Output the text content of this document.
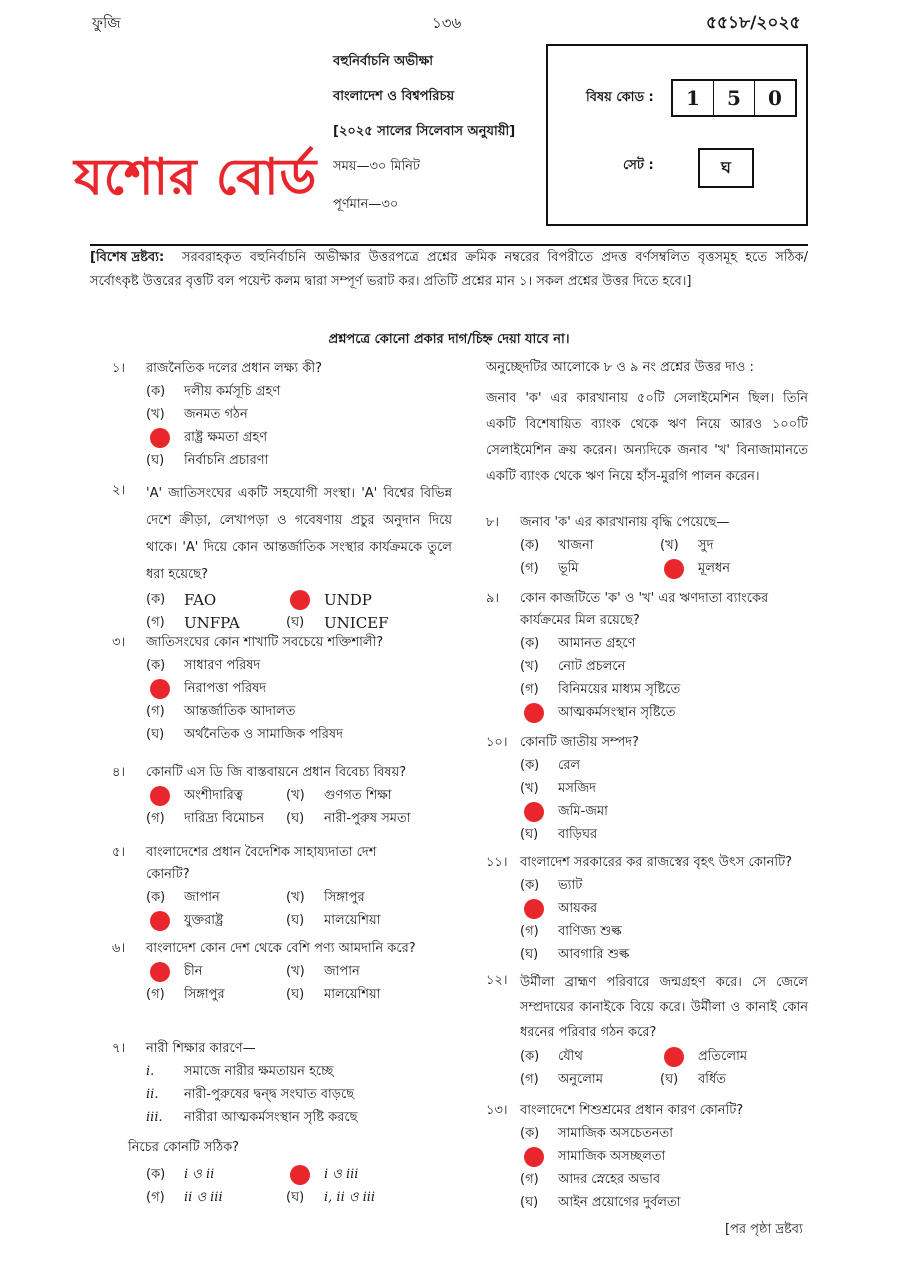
ফুজি	১৩৬	৫৫১৮/২০২৫
বহুনির্বাচনি অভীক্ষা
বাংলাদেশ ও বিশ্বপরিচয়
[২০২৫ সালের সিলেবাস অনুযায়ী]
সময়—৩০ মিনিট
পূর্ণমান—৩০
যশোর বোর্ড
বিষয় কোড :	1	5	0
সেট :	ঘ
[বিশেষ দ্রষ্টব্য:	সরবরাহকৃত বহুনির্বাচনি অভীক্ষার উত্তরপত্রে প্রশ্নের ক্রমিক নম্বরের বিপরীতে প্রদত্ত বর্ণসম্বলিত বৃত্তসমূহ হতে সঠিক/সর্বোৎকৃষ্ট উত্তরের বৃত্তটি বল পয়েন্ট কলম দ্বারা সম্পূর্ণ ভরাট কর। প্রতিটি প্রশ্নের মান ১। সকল প্রশ্নের উত্তর দিতে হবে।]
প্রশ্নপত্রে কোনো প্রকার দাগ/চিহ্ন দেয়া যাবে না।
১।	রাজনৈতিক দলের প্রধান লক্ষ্য কী?
(ক)	দলীয় কর্মসূচি গ্রহণ
(খ)	জনমত গঠন
রাষ্ট্র ক্ষমতা গ্রহণ
(ঘ)	নির্বাচনি প্রচারণা
২।	'A' জাতিসংঘের একটি সহযোগী সংস্থা। 'A' বিশ্বের বিভিন্ন দেশে ক্রীড়া, লেখাপড়া ও গবেষণায় প্রচুর অনুদান দিয়ে থাকে। 'A' দিয়ে কোন আন্তর্জাতিক সংস্থার কার্যক্রমকে তুলে ধরা হয়েছে?
(ক)	FAO	UNDP
(গ)	UNFPA	(ঘ)	UNICEF
৩।	জাতিসংঘের কোন শাখাটি সবচেয়ে শক্তিশালী?
(ক)	সাধারণ পরিষদ
নিরাপত্তা পরিষদ
(গ)	আন্তর্জাতিক আদালত
(ঘ)	অর্থনৈতিক ও সামাজিক পরিষদ
৪।	কোনটি এস ডি জি বাস্তবায়নে প্রধান বিবেচ্য বিষয়?
অংশীদারিত্ব	(খ)	গুণগত শিক্ষা
(গ)	দারিদ্র্য বিমোচন (ঘ)	নারী-পুরুষ সমতা
৫।	বাংলাদেশের প্রধান বৈদেশিক সাহায্যদাতা দেশ কোনটি?
(ক)	জাপান	(খ)	সিঙ্গাপুর
যুক্তরাষ্ট্র	(ঘ)	মালয়েশিয়া
৬।	বাংলাদেশ কোন দেশ থেকে বেশি পণ্য আমদানি করে?
চীন	(খ)	জাপান
(গ)	সিঙ্গাপুর	(ঘ)	মালয়েশিয়া
৭।	নারী শিক্ষার কারণে—
i.	সমাজে নারীর ক্ষমতায়ন হচ্ছে
ii.	নারী-পুরুষের দ্বন্দ্ব সংঘাত বাড়ছে
iii.	নারীরা আত্মকর্মসংস্থান সৃষ্টি করছে
নিচের কোনটি সঠিক?
(ক)	i ও ii	i ও iii
(গ)	ii ও iii	(ঘ)	i, ii ও iii
অনুচ্ছেদটির আলোকে ৮ ও ৯ নং প্রশ্নের উত্তর দাও :
জনাব 'ক' এর কারখানায় ৫০টি সেলাইমেশিন ছিল। তিনি একটি বিশেষায়িত ব্যাংক থেকে ঋণ নিয়ে আরও ১০০টি সেলাইমেশিন ক্রয় করেন। অন্যদিকে জনাব 'খ' বিনাজামানতে একটি ব্যাংক থেকে ঋণ নিয়ে হাঁস-মুরগি পালন করেন।
৮।	জনাব 'ক' এর কারখানায় বৃদ্ধি পেয়েছে—
(ক)	খাজনা	(খ)	সুদ
(গ)	ভূমি	মূলধন
৯।	কোন কাজটিতে 'ক' ও 'খ' এর ঋণদাতা ব্যাংকের কার্যক্রমের মিল রয়েছে?
(ক)	আমানত গ্রহণে
(খ)	নোট প্রচলনে
(গ)	বিনিময়ের মাধ্যম সৃষ্টিতে
আত্মকর্মসংস্থান সৃষ্টিতে
১০। কোনটি জাতীয় সম্পদ?
(ক)	রেল
(খ)	মসজিদ
জমি-জমা
(ঘ)	বাড়িঘর
১১। বাংলাদেশ সরকারের কর রাজস্বের বৃহৎ উৎস কোনটি?
(ক)	ভ্যাট
আয়কর
(গ)	বাণিজ্য শুল্ক
(ঘ)	আবগারি শুল্ক
১২। উর্মীলা ব্রাহ্মণ পরিবারে জন্মগ্রহণ করে। সে জেলে সম্প্রদায়ের কানাইকে বিয়ে করে। উর্মীলা ও কানাই কোন ধরনের পরিবার গঠন করে?
(ক)	যৌথ	প্রতিলোম
(গ)	অনুলোম	(ঘ)	বর্ধিত
১৩। বাংলাদেশে শিশুশ্রমের প্রধান কারণ কোনটি?
(ক)	সামাজিক অসচেতনতা
সামাজিক অসচ্ছলতা
(গ)	আদর স্নেহের অভাব
(ঘ)	আইন প্রয়োগের দুর্বলতা
[পর পৃষ্ঠা দ্রষ্টব্য
